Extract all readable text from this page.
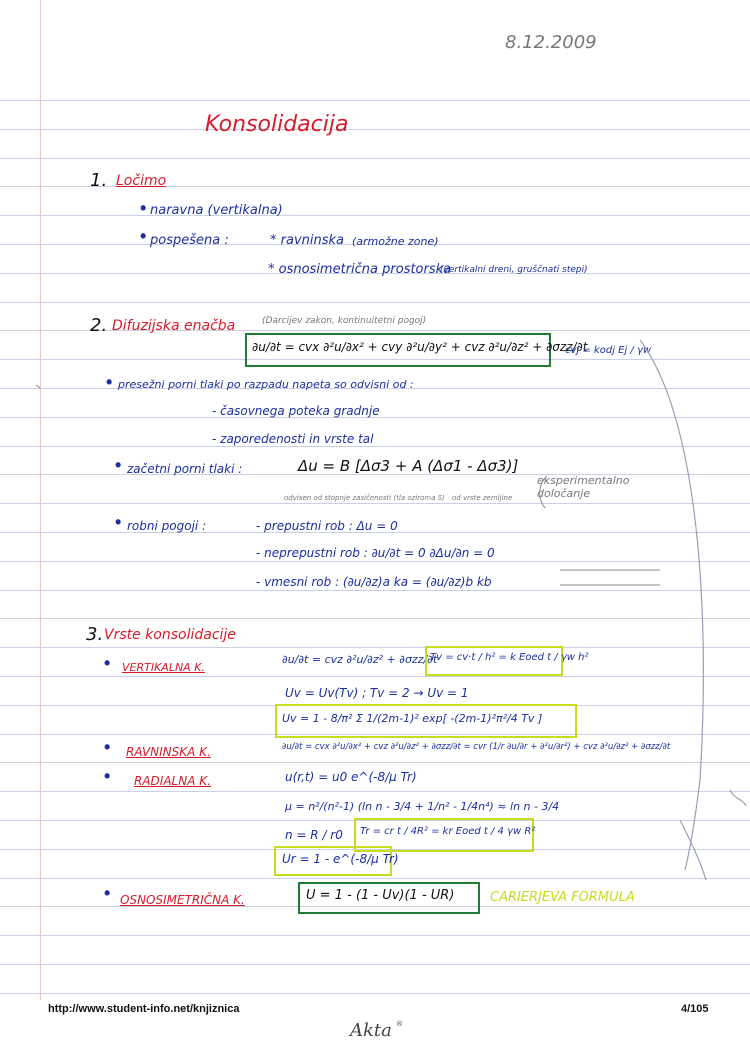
8.12.2009
Konsolidacija
1. Ločimo
• naravna (vertikalna)
• pospešena :	* ravninska (armožne zone)
* osnosimetrična prostorska
(vertikalni dreni, gruščnati stepi)
2. Difuzijska enačba	(Darcijev zakon, kontinuitetni pogoj)
∂u/∂t = cvx ∂²u/∂x² + cvy ∂²u/∂y² + cvz ∂²u/∂z² + ∂σzz/∂t
cvj = kodj Ej / γw
• presežni porni tlaki po razpadu napeta so odvisni od :
- časovnega poteka gradnje
- zaporedenosti in vrste tal
• začetni porni tlaki :	Δu = B [Δσ3 + A (Δσ1 - Δσ3)]
odvisen od stopnje zasičenosti (tla oziroma S) od vrste zemljine
eksperimentalno določanje
• robni pogoji :	- prepustni rob : Δu = 0
- neprepustni rob : ∂u/∂t = 0 ∂Δu/∂n = 0
- vmesni rob : (∂u/∂z)a ka = (∂u/∂z)b kb
3. Vrste konsolidacije
• VERTIKALNA K.
∂u/∂t = cvz ∂²u/∂z² + ∂σzz/∂t
Tv = cv·t / h² = k Eoed t / γw h²
Uv = Uv(Tv) ; Tv = 2 → Uv = 1
Uv = 1 - 8/π² Σ 1/(2m-1)² exp[ -(2m-1)²π²/4 Tv ]
• RAVNINSKA K.	∂u/∂t = cvx ∂²u/∂x² + cvz ∂²u/∂z² + ∂σzz/∂t = cvr (1/r ∂u/∂r + ∂²u/∂r²) + cvz ∂²u/∂z² + ∂σzz/∂t
• RADIALNA K.	u(r,t) = u0 e^(-8/μ Tr)
μ = n²/(n²-1) (ln n - 3/4 + 1/n² - 1/4n⁴) ≈ ln n - 3/4
n = R / r0 Tr = cr t / 4R² = kr Eoed t / 4 γw R²
Ur = 1 - e^(-8/μ Tr)
• OSNOSIMETRIČNA K.	U = 1 - (1 - Uv)(1 - UR)	CARIERJEVA FORMULA
http://www.student-info.net/knjiznica	4/105
Akta ®
